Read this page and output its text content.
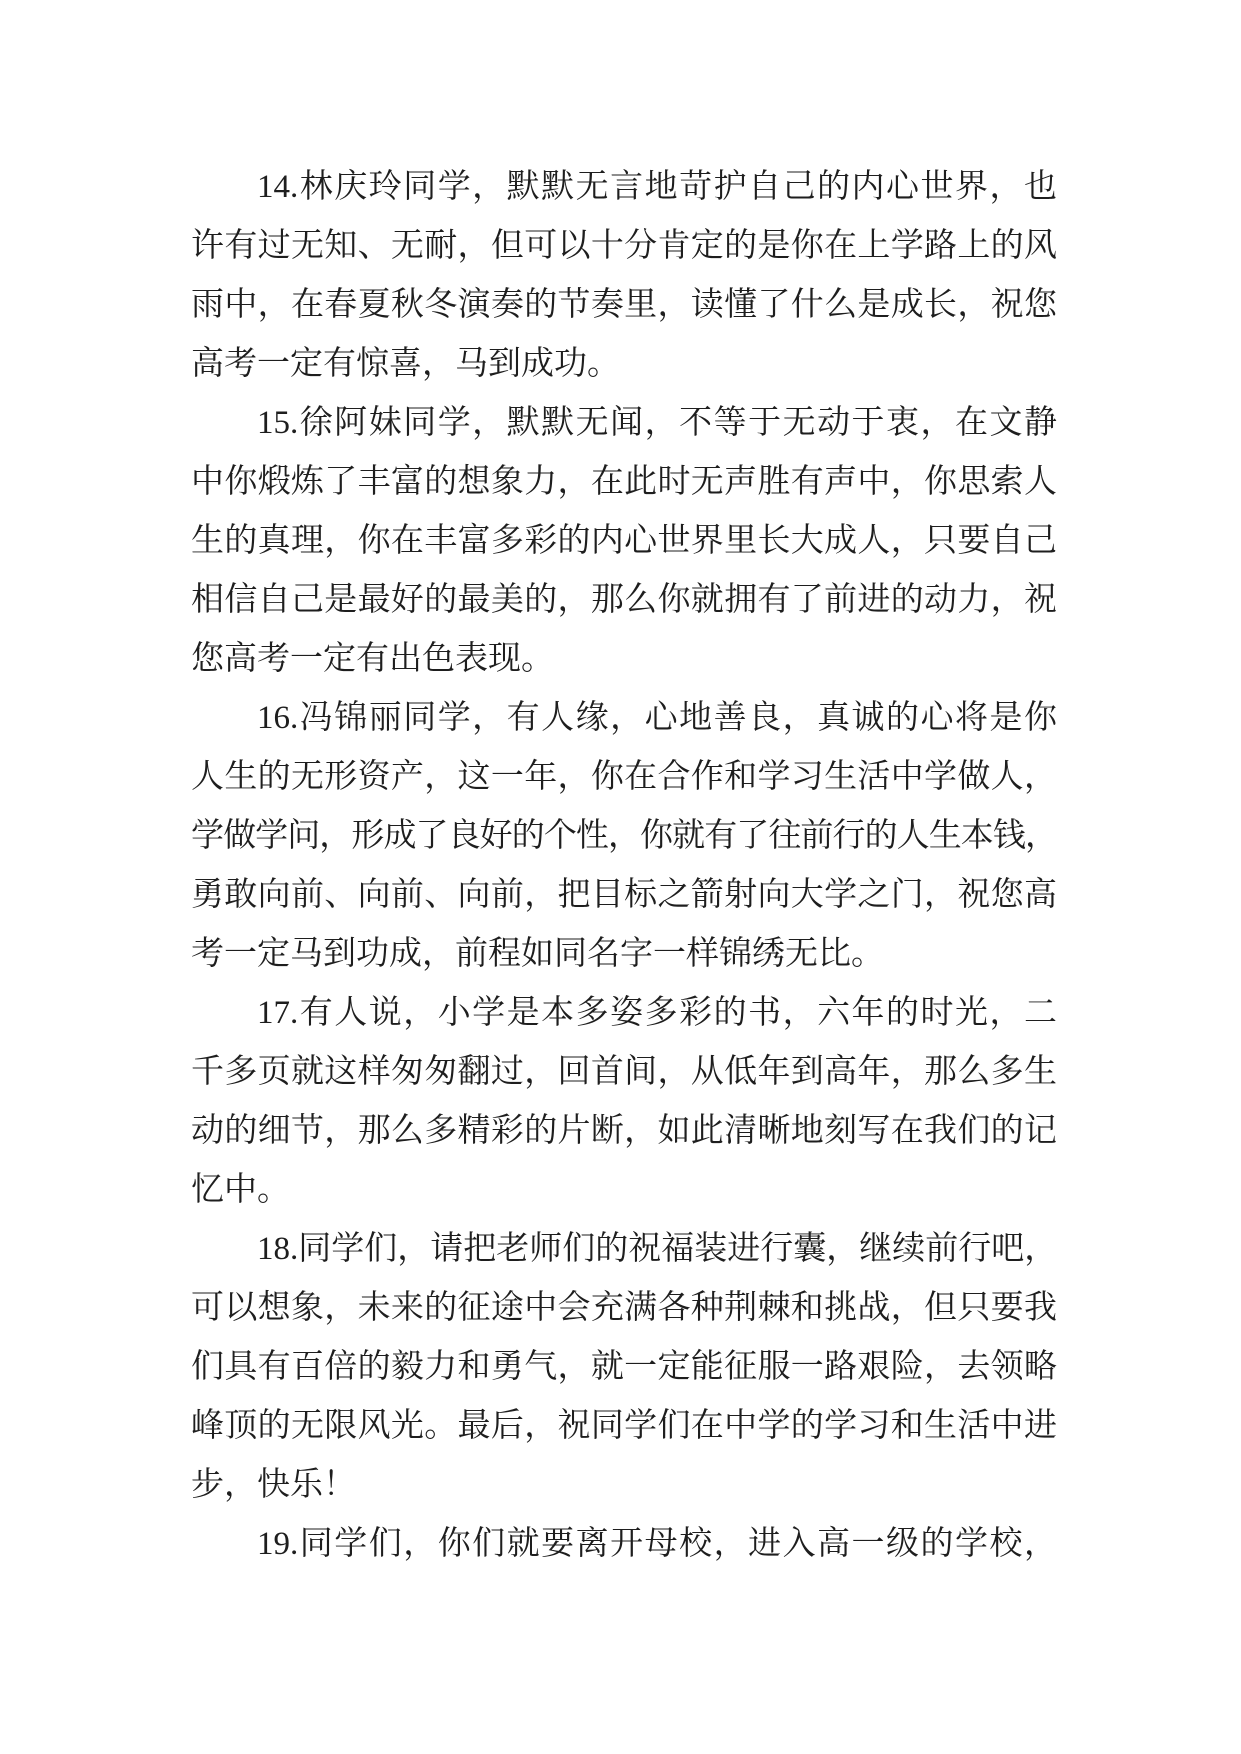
14.林庆玲同学，默默无言地苛护自己的内心世界，也
许有过无知、无耐，但可以十分肯定的是你在上学路上的风
雨中，在春夏秋冬演奏的节奏里，读懂了什么是成长，祝您
高考一定有惊喜，马到成功。
15.徐阿妹同学，默默无闻，不等于无动于衷，在文静
中你煅炼了丰富的想象力，在此时无声胜有声中，你思索人
生的真理，你在丰富多彩的内心世界里长大成人，只要自己
相信自己是最好的最美的，那么你就拥有了前进的动力，祝
您高考一定有出色表现。
16.冯锦丽同学，有人缘，心地善良，真诚的心将是你
人生的无形资产，这一年，你在合作和学习生活中学做人，
学做学问，形成了良好的个性，你就有了往前行的人生本钱，
勇敢向前、向前、向前，把目标之箭射向大学之门，祝您高
考一定马到功成，前程如同名字一样锦绣无比。
17.有人说，小学是本多姿多彩的书，六年的时光，二
千多页就这样匆匆翻过，回首间，从低年到高年，那么多生
动的细节，那么多精彩的片断，如此清晰地刻写在我们的记
忆中。
18.同学们，请把老师们的祝福装进行囊，继续前行吧，
可以想象，未来的征途中会充满各种荆棘和挑战，但只要我
们具有百倍的毅力和勇气，就一定能征服一路艰险，去领略
峰顶的无限风光。最后，祝同学们在中学的学习和生活中进
步，快乐！
19.同学们，你们就要离开母校，进入高一级的学校，
